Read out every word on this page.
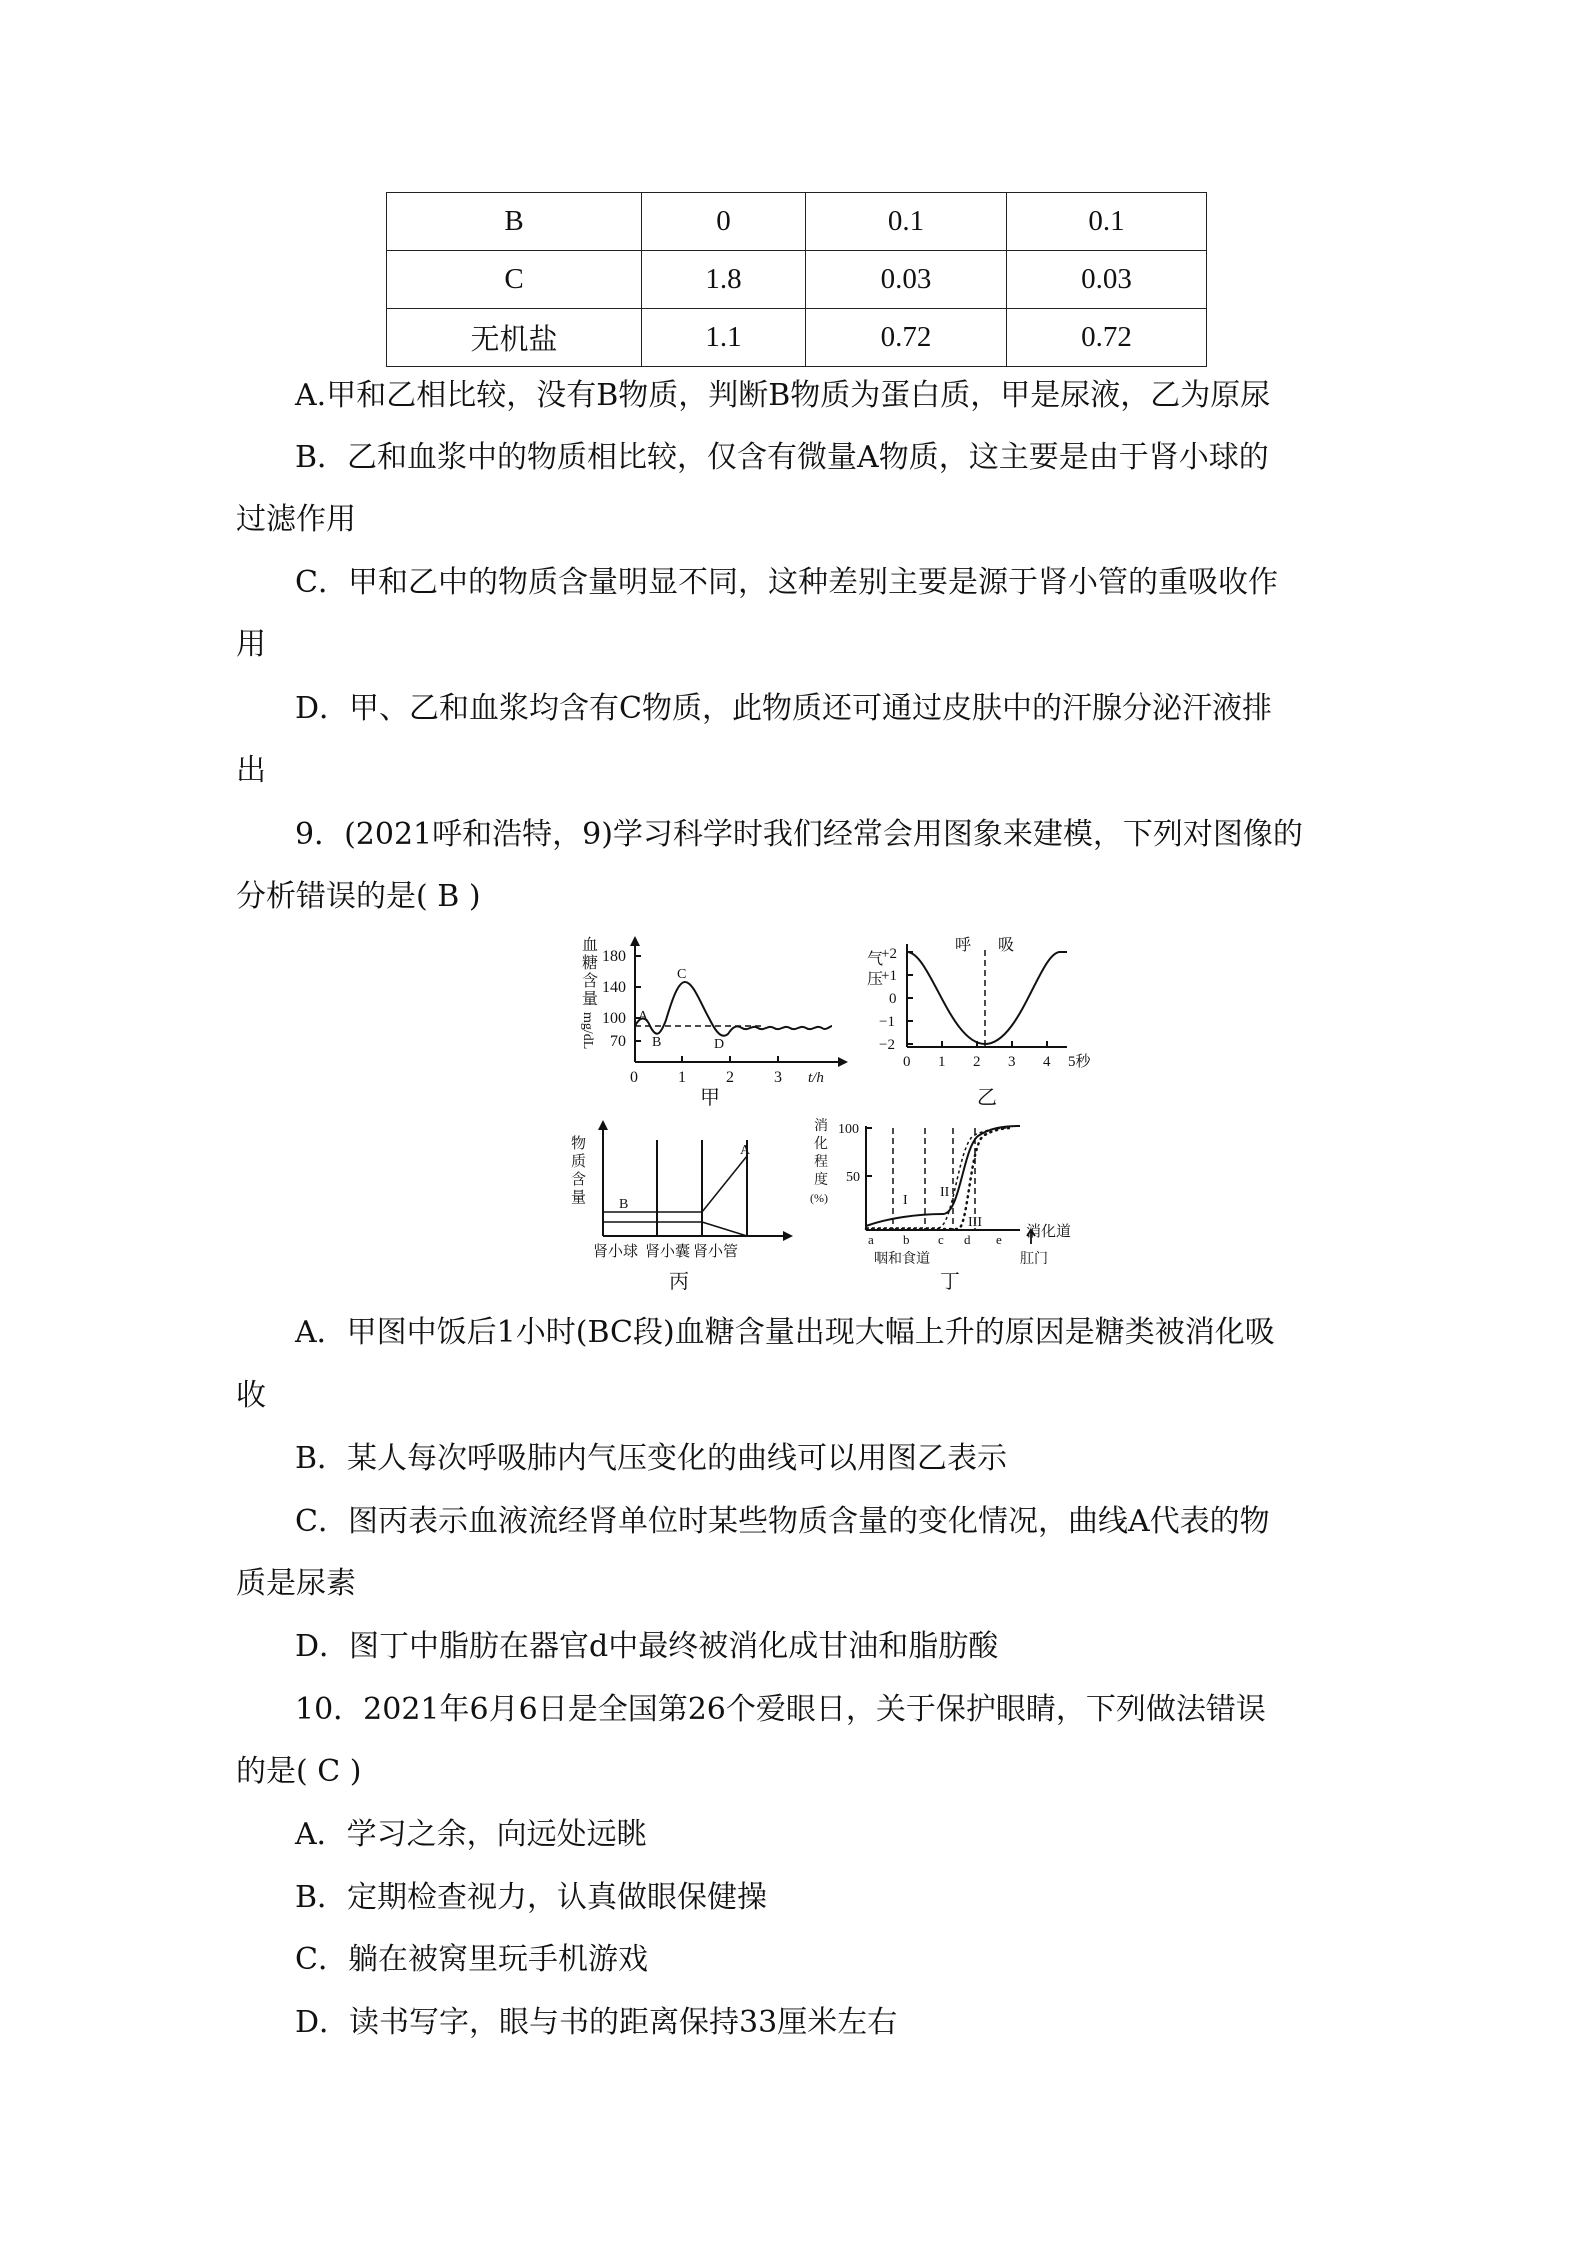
B	0	0.1	0.1
C	1.8	0.03	0.03
无机盐	1.1	0.72	0.72
A.甲和乙相比较，没有B物质，判断B物质为蛋白质，甲是尿液，乙为原尿
B．乙和血浆中的物质相比较，仅含有微量A物质，这主要是由于肾小球的
过滤作用
C．甲和乙中的物质含量明显不同，这种差别主要是源于肾小管的重吸收作
用
D．甲、乙和血浆均含有C物质，此物质还可通过皮肤中的汗腺分泌汗液排
出
9．(2021呼和浩特，9)学习科学时我们经常会用图象来建模，下列对图像的
分析错误的是( B )
血
糖
含
量
mg/dL
180
140
100
70
0	1	2	3 t/h
A
B
C
D
甲
气
压
+2
+1
0
−1
−2
0 1 2 3 4 5秒
呼 吸
乙
物
质
含
量
A
B
肾小球 肾小囊 肾小管
丙
消
化
程
度
(%)
100
50
I
II
III
a b c d e 消化道
咽和食道	肛门
丁
A．甲图中饭后1小时(BC段)血糖含量出现大幅上升的原因是糖类被消化吸
收
B．某人每次呼吸肺内气压变化的曲线可以用图乙表示
C．图丙表示血液流经肾单位时某些物质含量的变化情况，曲线A代表的物
质是尿素
D．图丁中脂肪在器官d中最终被消化成甘油和脂肪酸
10．2021年6月6日是全国第26个爱眼日，关于保护眼睛，下列做法错误
的是( C )
A．学习之余，向远处远眺
B．定期检查视力，认真做眼保健操
C．躺在被窝里玩手机游戏
D．读书写字，眼与书的距离保持33厘米左右
